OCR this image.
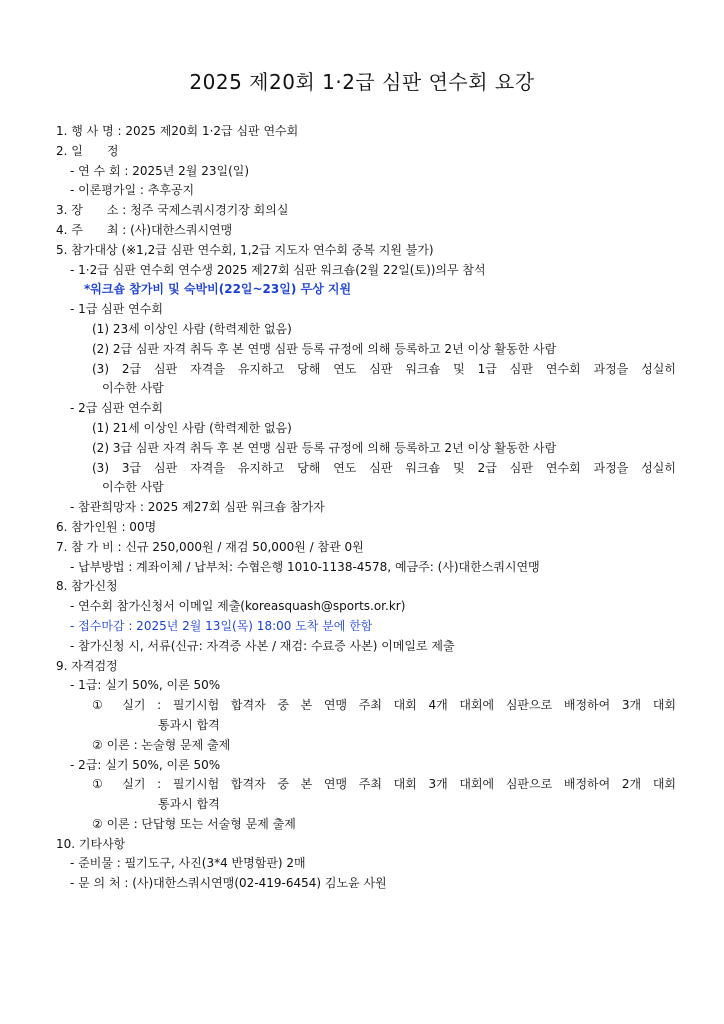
2025 제20회 1·2급 심판 연수회 요강
1. 행 사 명 : 2025 제20회 1·2급 심판 연수회
2. 일　　정
- 연 수 회 : 2025년 2월 23일(일)
- 이론평가일 : 추후공지
3. 장　　소 : 청주 국제스쿼시경기장 회의실
4. 주　　최 : (사)대한스쿼시연맹
5. 참가대상 (※1,2급 심판 연수회, 1,2급 지도자 연수회 중복 지원 불가)
- 1·2급 심판 연수회 연수생 2025 제27회 심판 워크숍(2월 22일(토))의무 참석
*워크숍 참가비 및 숙박비(22일~23일) 무상 지원
- 1급 심판 연수회
(1) 23세 이상인 사람 (학력제한 없음)
(2) 2급 심판 자격 취득 후 본 연맹 심판 등록 규정에 의해 등록하고 2년 이상 활동한 사람
(3) 2급 심판 자격을 유지하고 당해 연도 심판 워크숍 및 1급 심판 연수회 과정을 성실히
이수한 사람
- 2급 심판 연수회
(1) 21세 이상인 사람 (학력제한 없음)
(2) 3급 심판 자격 취득 후 본 연맹 심판 등록 규정에 의해 등록하고 2년 이상 활동한 사람
(3) 3급 심판 자격을 유지하고 당해 연도 심판 워크숍 및 2급 심판 연수회 과정을 성실히
이수한 사람
- 참관희망자 : 2025 제27회 심판 워크숍 참가자
6. 참가인원 : 00명
7. 참 가 비 : 신규 250,000원 / 재검 50,000원 / 참관 0원
- 납부방법 : 계좌이체 / 납부처: 수협은행 1010-1138-4578, 예금주: (사)대한스쿼시연맹
8. 참가신청
- 연수회 참가신청서 이메일 제출(koreasquash@sports.or.kr)
- 접수마감 : 2025년 2월 13일(목) 18:00 도착 분에 한함
- 참가신청 시, 서류(신규: 자격증 사본 / 재검: 수료증 사본) 이메일로 제출
9. 자격검정
- 1급: 실기 50%, 이론 50%
① 실기 : 필기시험 합격자 중 본 연맹 주최 대회 4개 대회에 심판으로 배정하여 3개 대회
통과시 합격
② 이론 : 논술형 문제 출제
- 2급: 실기 50%, 이론 50%
① 실기 : 필기시험 합격자 중 본 연맹 주최 대회 3개 대회에 심판으로 배정하여 2개 대회
통과시 합격
② 이론 : 단답형 또는 서술형 문제 출제
10. 기타사항
- 준비물 : 필기도구, 사진(3*4 반명함판) 2매
- 문 의 처 : (사)대한스쿼시연맹(02-419-6454) 김노윤 사원
